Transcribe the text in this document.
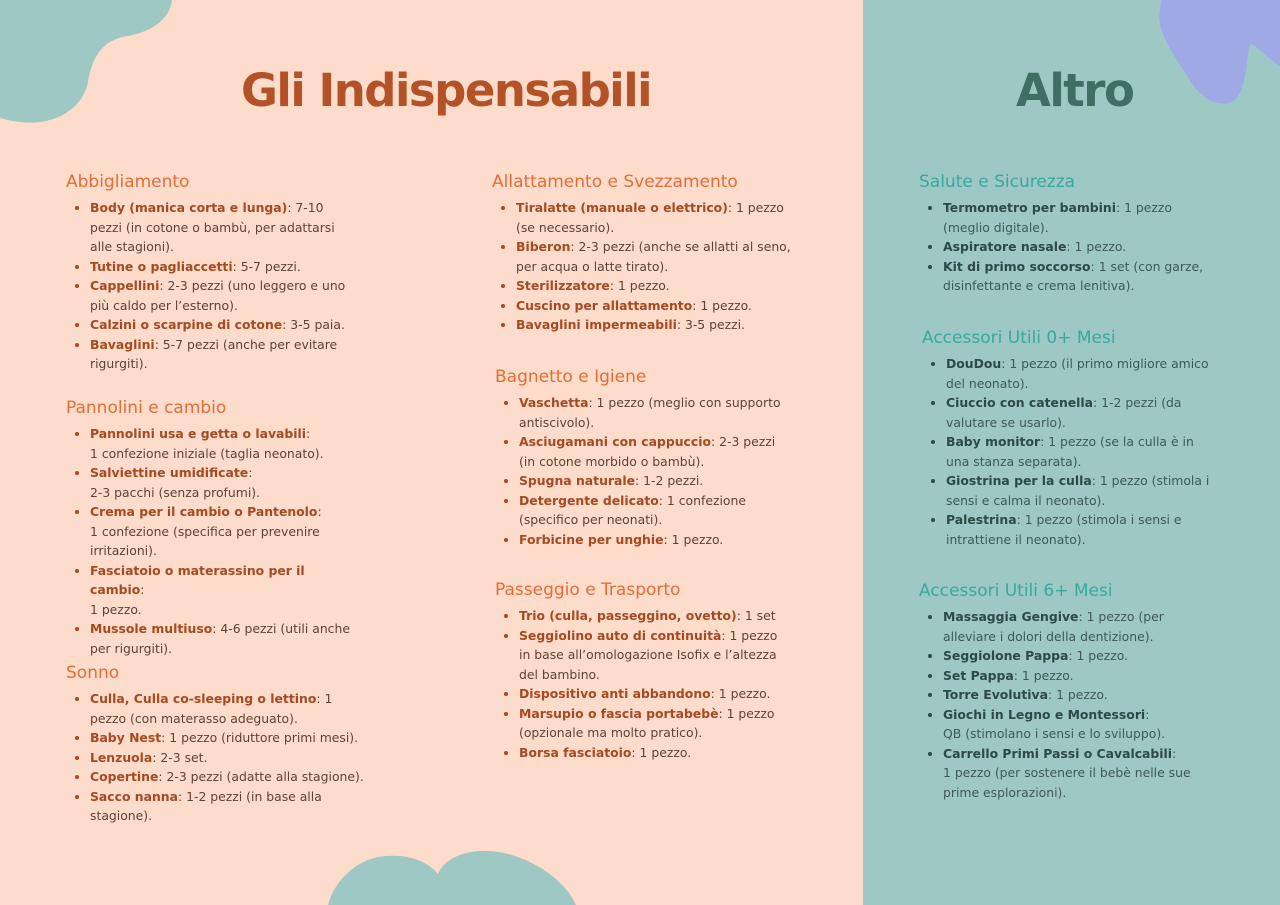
Gli Indispensabili	Altro
Abbigliamento
• Body (manica corta e lunga): 7-10 pezzi (in cotone o bambù, per adattarsi alle stagioni).
• Tutine o pagliaccetti: 5-7 pezzi.
• Cappellini: 2-3 pezzi (uno leggero e uno più caldo per l’esterno).
• Calzini o scarpine di cotone: 3-5 paia.
• Bavaglini: 5-7 pezzi (anche per evitare rigurgiti).
Pannolini e cambio
• Pannolini usa e getta o lavabili:
1 confezione iniziale (taglia neonato).
• Salviettine umidificate:
2-3 pacchi (senza profumi).
• Crema per il cambio o Pantenolo:
1 confezione (specifica per prevenire irritazioni).
• Fasciatoio o materassino per il cambio:
1 pezzo.
• Mussole multiuso: 4-6 pezzi (utili anche per rigurgiti).
Sonno
• Culla, Culla co-sleeping o lettino: 1 pezzo (con materasso adeguato).
• Baby Nest: 1 pezzo (riduttore primi mesi).
• Lenzuola: 2-3 set.
• Copertine: 2-3 pezzi (adatte alla stagione).
• Sacco nanna: 1-2 pezzi (in base alla stagione).
Allattamento e Svezzamento
• Tiralatte (manuale o elettrico): 1 pezzo (se necessario).
• Biberon: 2-3 pezzi (anche se allatti al seno, per acqua o latte tirato).
• Sterilizzatore: 1 pezzo.
• Cuscino per allattamento: 1 pezzo.
• Bavaglini impermeabili: 3-5 pezzi.
Bagnetto e Igiene
• Vaschetta: 1 pezzo (meglio con supporto antiscivolo).
• Asciugamani con cappuccio: 2-3 pezzi (in cotone morbido o bambù).
• Spugna naturale: 1-2 pezzi.
• Detergente delicato: 1 confezione (specifico per neonati).
• Forbicine per unghie: 1 pezzo.
Passeggio e Trasporto
• Trio (culla, passeggino, ovetto): 1 set
• Seggiolino auto di continuità: 1 pezzo in base all’omologazione Isofix e l’altezza del bambino.
• Dispositivo anti abbandono: 1 pezzo.
• Marsupio o fascia portabebè: 1 pezzo (opzionale ma molto pratico).
• Borsa fasciatoio: 1 pezzo.
Salute e Sicurezza
• Termometro per bambini: 1 pezzo (meglio digitale).
• Aspiratore nasale: 1 pezzo.
• Kit di primo soccorso: 1 set (con garze, disinfettante e crema lenitiva).
Accessori Utili 0+ Mesi
• DouDou: 1 pezzo (il primo migliore amico del neonato).
• Ciuccio con catenella: 1-2 pezzi (da valutare se usarlo).
• Baby monitor: 1 pezzo (se la culla è in una stanza separata).
• Giostrina per la culla: 1 pezzo (stimola i sensi e calma il neonato).
• Palestrina: 1 pezzo (stimola i sensi e intrattiene il neonato).
Accessori Utili 6+ Mesi
• Massaggia Gengive: 1 pezzo (per alleviare i dolori della dentizione).
• Seggiolone Pappa: 1 pezzo.
• Set Pappa: 1 pezzo.
• Torre Evolutiva: 1 pezzo.
• Giochi in Legno e Montessori:
QB (stimolano i sensi e lo sviluppo).
• Carrello Primi Passi o Cavalcabili:
1 pezzo (per sostenere il bebè nelle sue prime esplorazioni).
